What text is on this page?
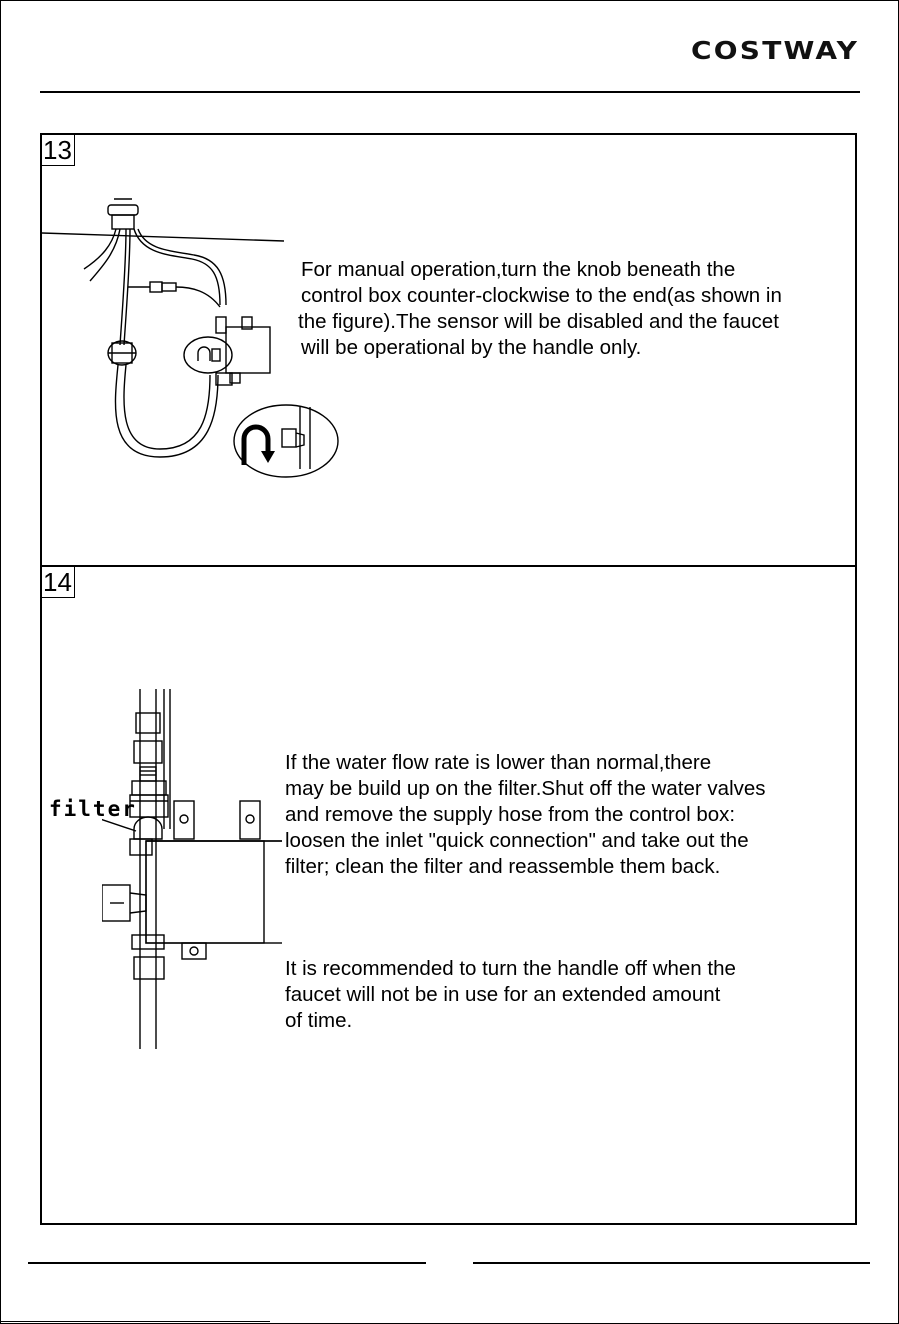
COSTWAY
13

For manual operation,turn the knob beneath the
control box counter-clockwise to the end(as shown in
the figure).The sensor will be disabled and the faucet
will be operational by the handle only.

14
filter

If the water flow rate is lower than normal,there
may be build up on the filter.Shut off the water valves
and remove the supply hose from the control box:
loosen the inlet "quick connection" and take out the
filter; clean the filter and reassemble them back.

It is recommended to turn the handle off when the
faucet will not be in use for an extended amount
of time.
